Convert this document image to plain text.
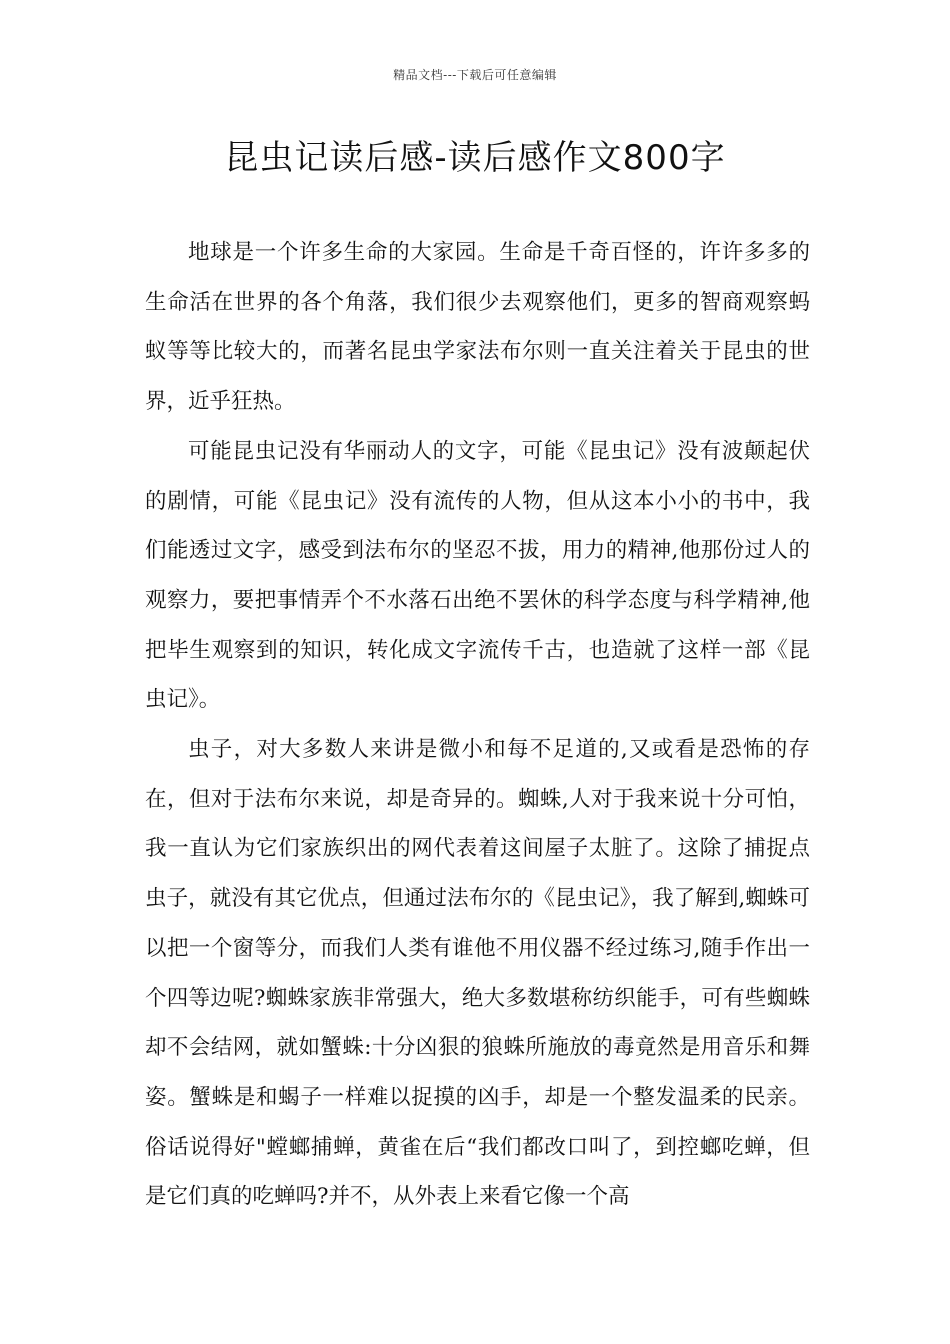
精品文档---下载后可任意编辑
昆虫记读后感-读后感作文800字

地球是一个许多生命的大家园。生命是千奇百怪的，许许多多的生命活在世界的各个角落，我们很少去观察他们，更多的智商观察蚂蚁等等比较大的，而著名昆虫学家法布尔则一直关注着关于昆虫的世界，近乎狂热。

可能昆虫记没有华丽动人的文字，可能《昆虫记》没有波颠起伏的剧情，可能《昆虫记》没有流传的人物，但从这本小小的书中，我们能透过文字，感受到法布尔的坚忍不拔，用力的精神,他那份过人的观察力，要把事情弄个不水落石出绝不罢休的科学态度与科学精神,他把毕生观察到的知识，转化成文字流传千古，也造就了这样一部《昆虫记》。

虫子，对大多数人来讲是微小和每不足道的,又或看是恐怖的存在，但对于法布尔来说，却是奇异的。蜘蛛,人对于我来说十分可怕，我一直认为它们家族织出的网代表着这间屋子太脏了。这除了捕捉点虫子，就没有其它优点，但通过法布尔的《昆虫记》，我了解到,蜘蛛可以把一个窗等分，而我们人类有谁他不用仪器不经过练习,随手作出一个四等边呢?蜘蛛家族非常强大，绝大多数堪称纺织能手，可有些蜘蛛却不会结网，就如蟹蛛:十分凶狠的狼蛛所施放的毒竟然是用音乐和舞姿。蟹蛛是和蝎子一样难以捉摸的凶手，却是一个整发温柔的民亲。俗话说得好"螳螂捕蝉，黄雀在后“我们都改口叫了，到控螂吃蝉，但是它们真的吃蝉吗?并不，从外表上来看它像一个高
